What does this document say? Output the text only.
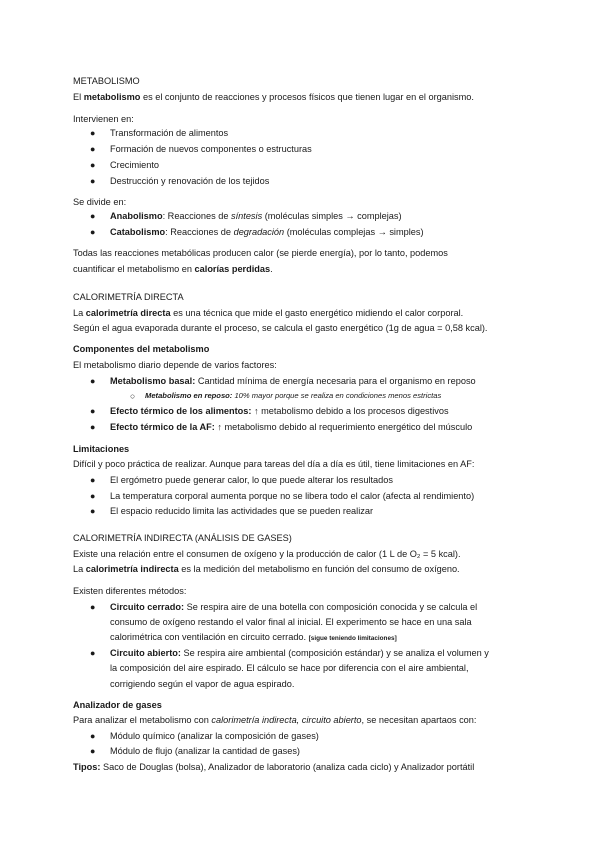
METABOLISMO
El metabolismo es el conjunto de reacciones y procesos físicos que tienen lugar en el organismo.
Intervienen en:
● Transformación de alimentos
● Formación de nuevos componentes o estructuras
● Crecimiento
● Destrucción y renovación de los tejidos
Se divide en:
● Anabolismo: Reacciones de síntesis (moléculas simples → complejas)
● Catabolismo: Reacciones de degradación (moléculas complejas → simples)
Todas las reacciones metabólicas producen calor (se pierde energía), por lo tanto, podemos
cuantificar el metabolismo en calorías perdidas.
CALORIMETRÍA DIRECTA
La calorimetría directa es una técnica que mide el gasto energético midiendo el calor corporal.
Según el agua evaporada durante el proceso, se calcula el gasto energético (1g de agua = 0,58 kcal).
Componentes del metabolismo
El metabolismo diario depende de varios factores:
● Metabolismo basal: Cantidad mínima de energía necesaria para el organismo en reposo
○ Metabolismo en reposo: 10% mayor porque se realiza en condiciones menos estrictas
● Efecto térmico de los alimentos: ↑ metabolismo debido a los procesos digestivos
● Efecto térmico de la AF: ↑ metabolismo debido al requerimiento energético del músculo
Limitaciones
Difícil y poco práctica de realizar. Aunque para tareas del día a día es útil, tiene limitaciones en AF:
● El ergómetro puede generar calor, lo que puede alterar los resultados
● La temperatura corporal aumenta porque no se libera todo el calor (afecta al rendimiento)
● El espacio reducido limita las actividades que se pueden realizar
CALORIMETRÍA INDIRECTA (ANÁLISIS DE GASES)
Existe una relación entre el consumen de oxígeno y la producción de calor (1 L de O₂ = 5 kcal).
La calorimetría indirecta es la medición del metabolismo en función del consumo de oxígeno.
Existen diferentes métodos:
● Circuito cerrado: Se respira aire de una botella con composición conocida y se calcula el
consumo de oxígeno restando el valor final al inicial. El experimento se hace en una sala
calorimétrica con ventilación en circuito cerrado. [sigue teniendo limitaciones]
● Circuito abierto: Se respira aire ambiental (composición estándar) y se analiza el volumen y
la composición del aire espirado. El cálculo se hace por diferencia con el aire ambiental,
corrigiendo según el vapor de agua espirado.
Analizador de gases
Para analizar el metabolismo con calorimetría indirecta, circuito abierto, se necesitan apartaos con:
● Módulo químico (analizar la composición de gases)
● Módulo de flujo (analizar la cantidad de gases)
Tipos: Saco de Douglas (bolsa), Analizador de laboratorio (analiza cada ciclo) y Analizador portátil
